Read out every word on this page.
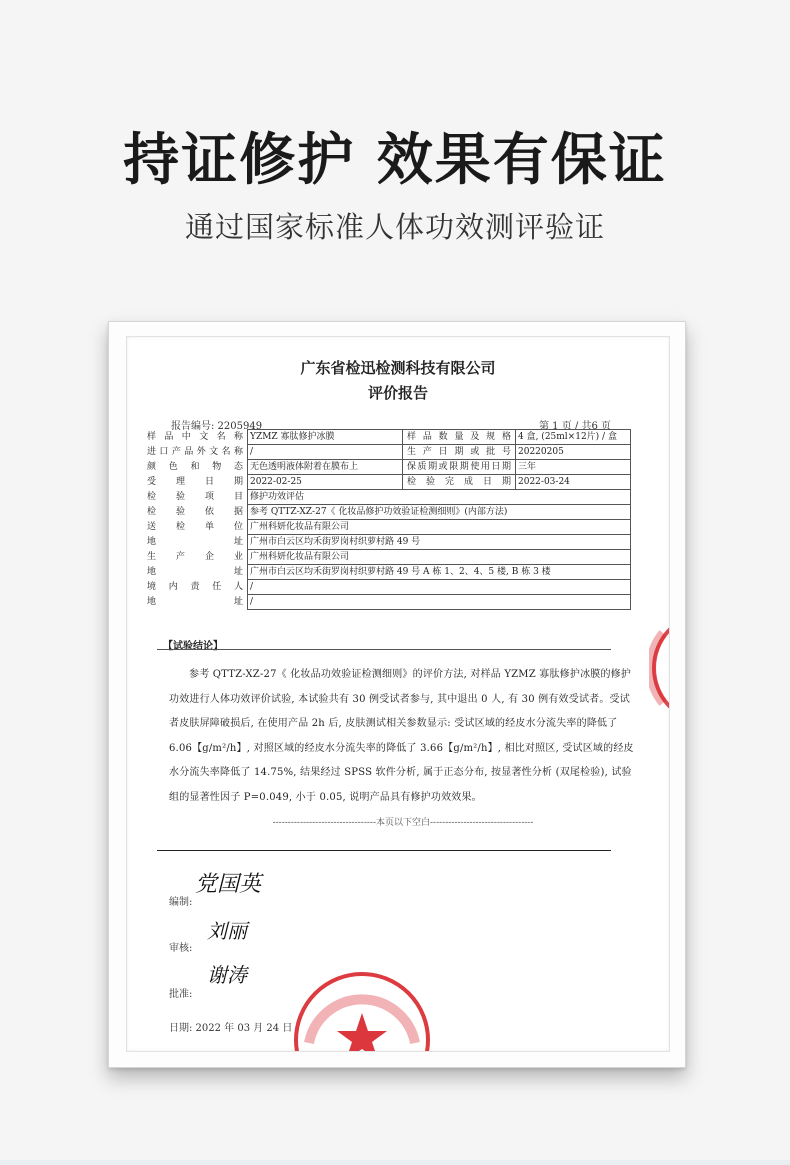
持证修护 效果有保证
通过国家标准人体功效测评验证
广东省检迅检测科技有限公司
评价报告
报告编号: 2205949	第 1 页 / 共6 页
样品中文名称	YZMZ 寡肽修护冰膜	样品数量及规格	4 盒, (25ml×12片) / 盒
进口产品外文名称	/	生产日期或批号	20220205
颜色和物态	无色透明液体附着在膜布上	保质期或限期使用日期	三年
受理日期	2022-02-25	检验完成日期	2022-03-24
检验项目	修护功效评估		
检验依据	参考 QTTZ-XZ-27《 化妆品修护功效验证检测细则》(内部方法)		
送检单位	广州科妍化妆品有限公司		
地址	广州市白云区均禾街罗岗村织萝村路 49 号		
生产企业	广州科妍化妆品有限公司		
地址	广州市白云区均禾街罗岗村织萝村路 49 号 A 栋 1、2、4、5 楼, B 栋 3 楼		
境内责任人	/		
地址	/		
【试验结论】
参考 QTTZ-XZ-27《 化妆品功效验证检测细则》的评价方法, 对样品 YZMZ 寡肽修护冰膜的修护功效进行人体功效评价试验, 本试验共有 30 例受试者参与, 其中退出 0 人, 有 30 例有效受试者。受试者皮肤屏障破损后, 在使用产品 2h 后, 皮肤测试相关参数显示: 受试区域的经皮水分流失率的降低了 6.06【g/m²/h】, 对照区域的经皮水分流失率的降低了 3.66【g/m²/h】, 相比对照区, 受试区域的经皮水分流失率降低了 14.75%, 结果经过 SPSS 软件分析, 属于正态分布, 按显著性分析 (双尾检验), 试验组的显著性因子 P=0.049, 小于 0.05, 说明产品具有修护功效效果。
----------------------------------本页以下空白----------------------------------
编制:
党国英
审核:
刘丽
批准:
谢涛
日期: 2022 年 03 月 24 日
